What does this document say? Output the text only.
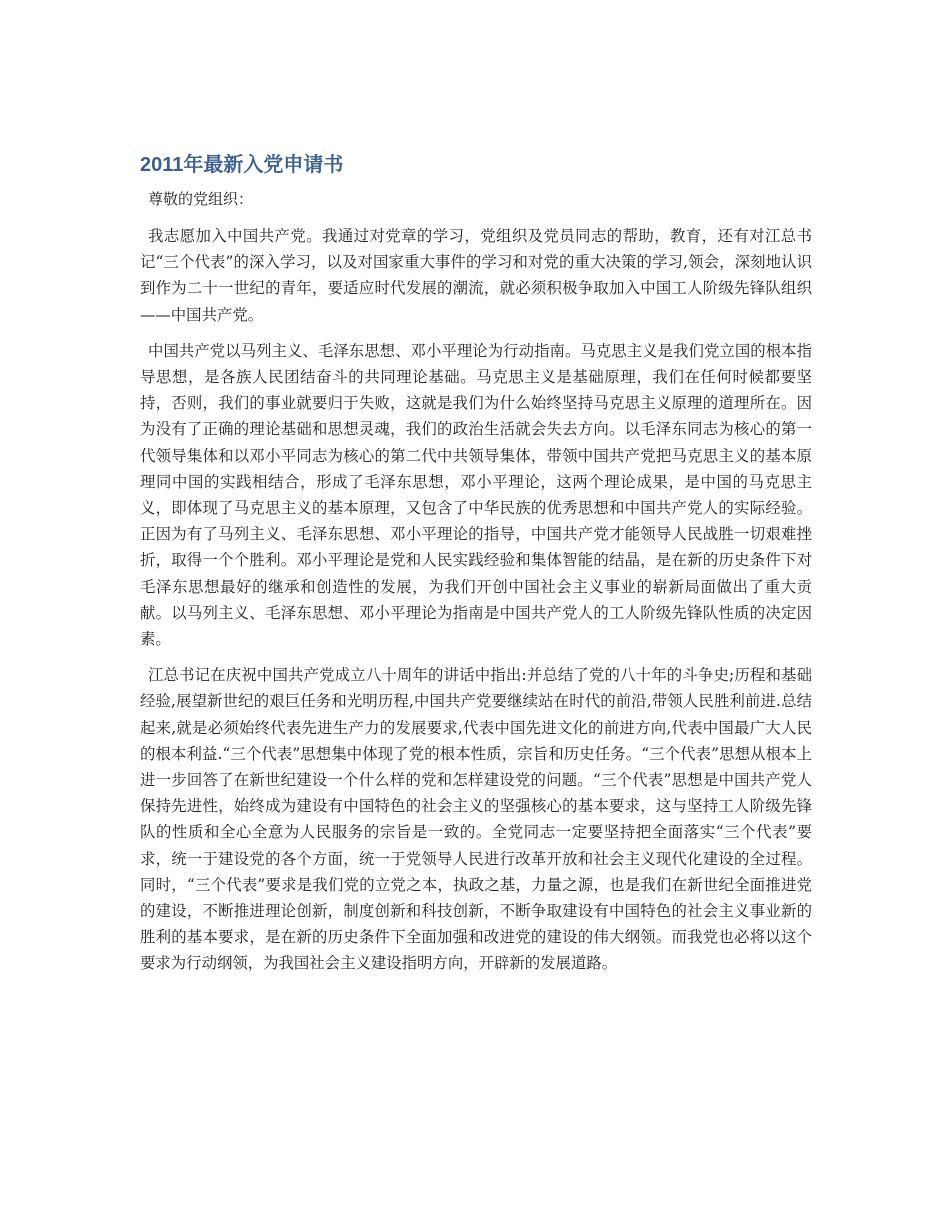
2011年最新入党申请书

尊敬的党组织：

我志愿加入中国共产党。我通过对党章的学习，党组织及党员同志的帮助，教育，还有对江总书记“三个代表”的深入学习，以及对国家重大事件的学习和对党的重大决策的学习,领会，深刻地认识到作为二十一世纪的青年，要适应时代发展的潮流，就必须积极争取加入中国工人阶级先锋队组织——中国共产党。

中国共产党以马列主义、毛泽东思想、邓小平理论为行动指南。马克思主义是我们党立国的根本指导思想，是各族人民团结奋斗的共同理论基础。马克思主义是基础原理，我们在任何时候都要坚持，否则，我们的事业就要归于失败，这就是我们为什么始终坚持马克思主义原理的道理所在。因为没有了正确的理论基础和思想灵魂，我们的政治生活就会失去方向。以毛泽东同志为核心的第一代领导集体和以邓小平同志为核心的第二代中共领导集体，带领中国共产党把马克思主义的基本原理同中国的实践相结合，形成了毛泽东思想，邓小平理论，这两个理论成果，是中国的马克思主义，即体现了马克思主义的基本原理，又包含了中华民族的优秀思想和中国共产党人的实际经验。正因为有了马列主义、毛泽东思想、邓小平理论的指导，中国共产党才能领导人民战胜一切艰难挫折，取得一个个胜利。邓小平理论是党和人民实践经验和集体智能的结晶，是在新的历史条件下对毛泽东思想最好的继承和创造性的发展，为我们开创中国社会主义事业的崭新局面做出了重大贡献。以马列主义、毛泽东思想、邓小平理论为指南是中国共产党人的工人阶级先锋队性质的决定因素。

江总书记在庆祝中国共产党成立八十周年的讲话中指出:并总结了党的八十年的斗争史;历程和基础经验,展望新世纪的艰巨任务和光明历程,中国共产党要继续站在时代的前沿,带领人民胜利前进.总结起来,就是必须始终代表先进生产力的发展要求,代表中国先进文化的前进方向,代表中国最广大人民的根本利益.“三个代表”思想集中体现了党的根本性质，宗旨和历史任务。“三个代表”思想从根本上进一步回答了在新世纪建设一个什么样的党和怎样建设党的问题。“三个代表”思想是中国共产党人保持先进性，始终成为建设有中国特色的社会主义的坚强核心的基本要求，这与坚持工人阶级先锋队的性质和全心全意为人民服务的宗旨是一致的。全党同志一定要坚持把全面落实“三个代表”要求，统一于建设党的各个方面，统一于党领导人民进行改革开放和社会主义现代化建设的全过程。同时，“三个代表”要求是我们党的立党之本，执政之基，力量之源，也是我们在新世纪全面推进党的建设，不断推进理论创新，制度创新和科技创新，不断争取建设有中国特色的社会主义事业新的胜利的基本要求，是在新的历史条件下全面加强和改进党的建设的伟大纲领。而我党也必将以这个要求为行动纲领，为我国社会主义建设指明方向，开辟新的发展道路。
